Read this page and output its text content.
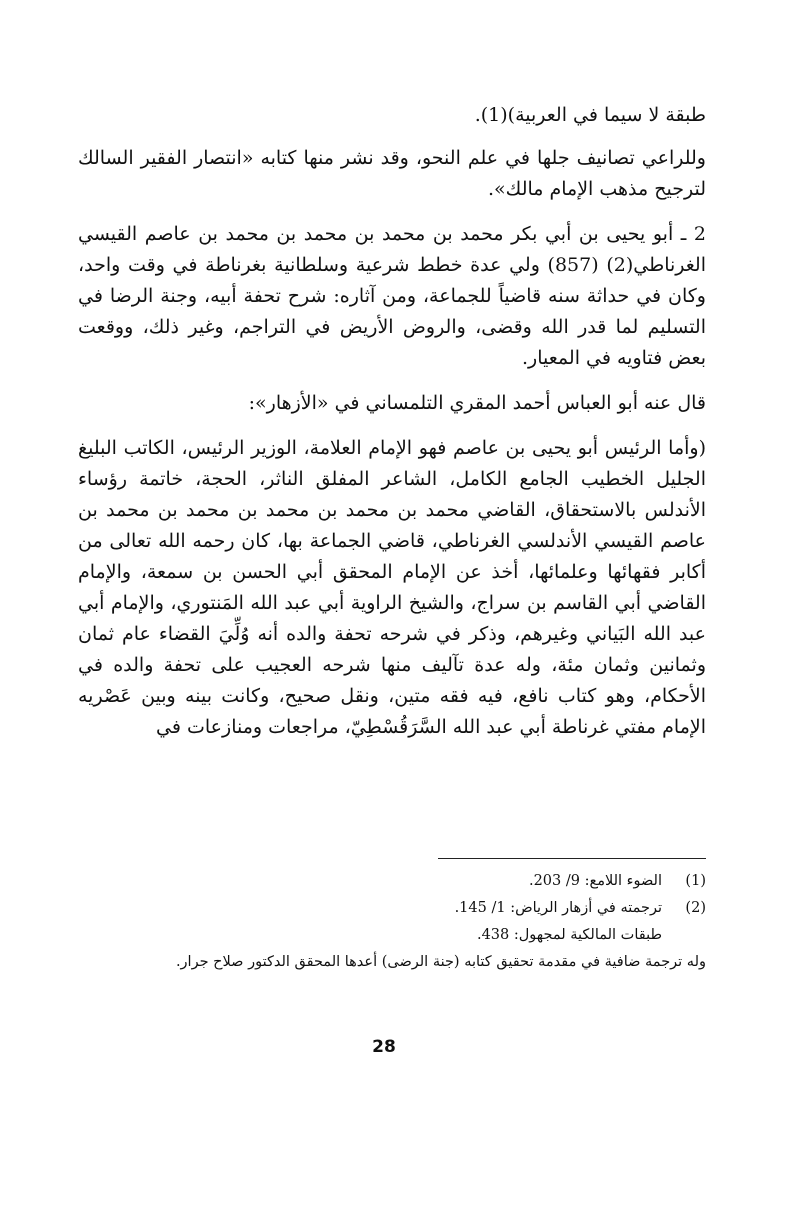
طبقة لا سيما في العربية)(1).

وللراعي تصانيف جلها في علم النحو، وقد نشر منها كتابه «انتصار الفقير السالك لترجيح مذهب الإمام مالك».

2 ـ أبو يحيى بن أبي بكر محمد بن محمد بن محمد بن محمد بن عاصم القيسي الغرناطي(2) (857) ولي عدة خطط شرعية وسلطانية بغرناطة في وقت واحد، وكان في حداثة سنه قاضياً للجماعة، ومن آثاره: شرح تحفة أبيه، وجنة الرضا في التسليم لما قدر الله وقضى، والروض الأريض في التراجم، وغير ذلك، ووقعت بعض فتاويه في المعيار.

قال عنه أبو العباس أحمد المقري التلمساني في «الأزهار»:

(وأما الرئيس أبو يحيى بن عاصم فهو الإمام العلامة، الوزير الرئيس، الكاتب البليغ الجليل الخطيب الجامع الكامل، الشاعر المفلق الناثر، الحجة، خاتمة رؤساء الأندلس بالاستحقاق، القاضي محمد بن محمد بن محمد بن محمد بن محمد بن عاصم القيسي الأندلسي الغرناطي، قاضي الجماعة بها، كان رحمه الله تعالى من أكابر فقهائها وعلمائها، أخذ عن الإمام المحقق أبي الحسن بن سمعة، والإمام القاضي أبي القاسم بن سراج، والشيخ الراوية أبي عبد الله المَنتوري، والإمام أبي عبد الله البَياني وغيرهم، وذكر في شرحه تحفة والده أنه وُلِّيَ القضاء عام ثمان وثمانين وثمان مئة، وله عدة تآليف منها شرحه العجيب على تحفة والده في الأحكام، وهو كتاب نافع، فيه فقه متين، ونقل صحيح، وكانت بينه وبين عَصْريه الإمام مفتي غرناطة أبي عبد الله السَّرَقُسْطِيّ، مراجعات ومنازعات في

(1)
الضوء اللامع: 9/ 203.
(2)
ترجمته في أزهار الرياض: 1/ 145.
طبقات المالكية لمجهول: 438.
وله ترجمة ضافية في مقدمة تحقيق كتابه (جنة الرضى) أعدها المحقق الدكتور صلاح جرار.
28
